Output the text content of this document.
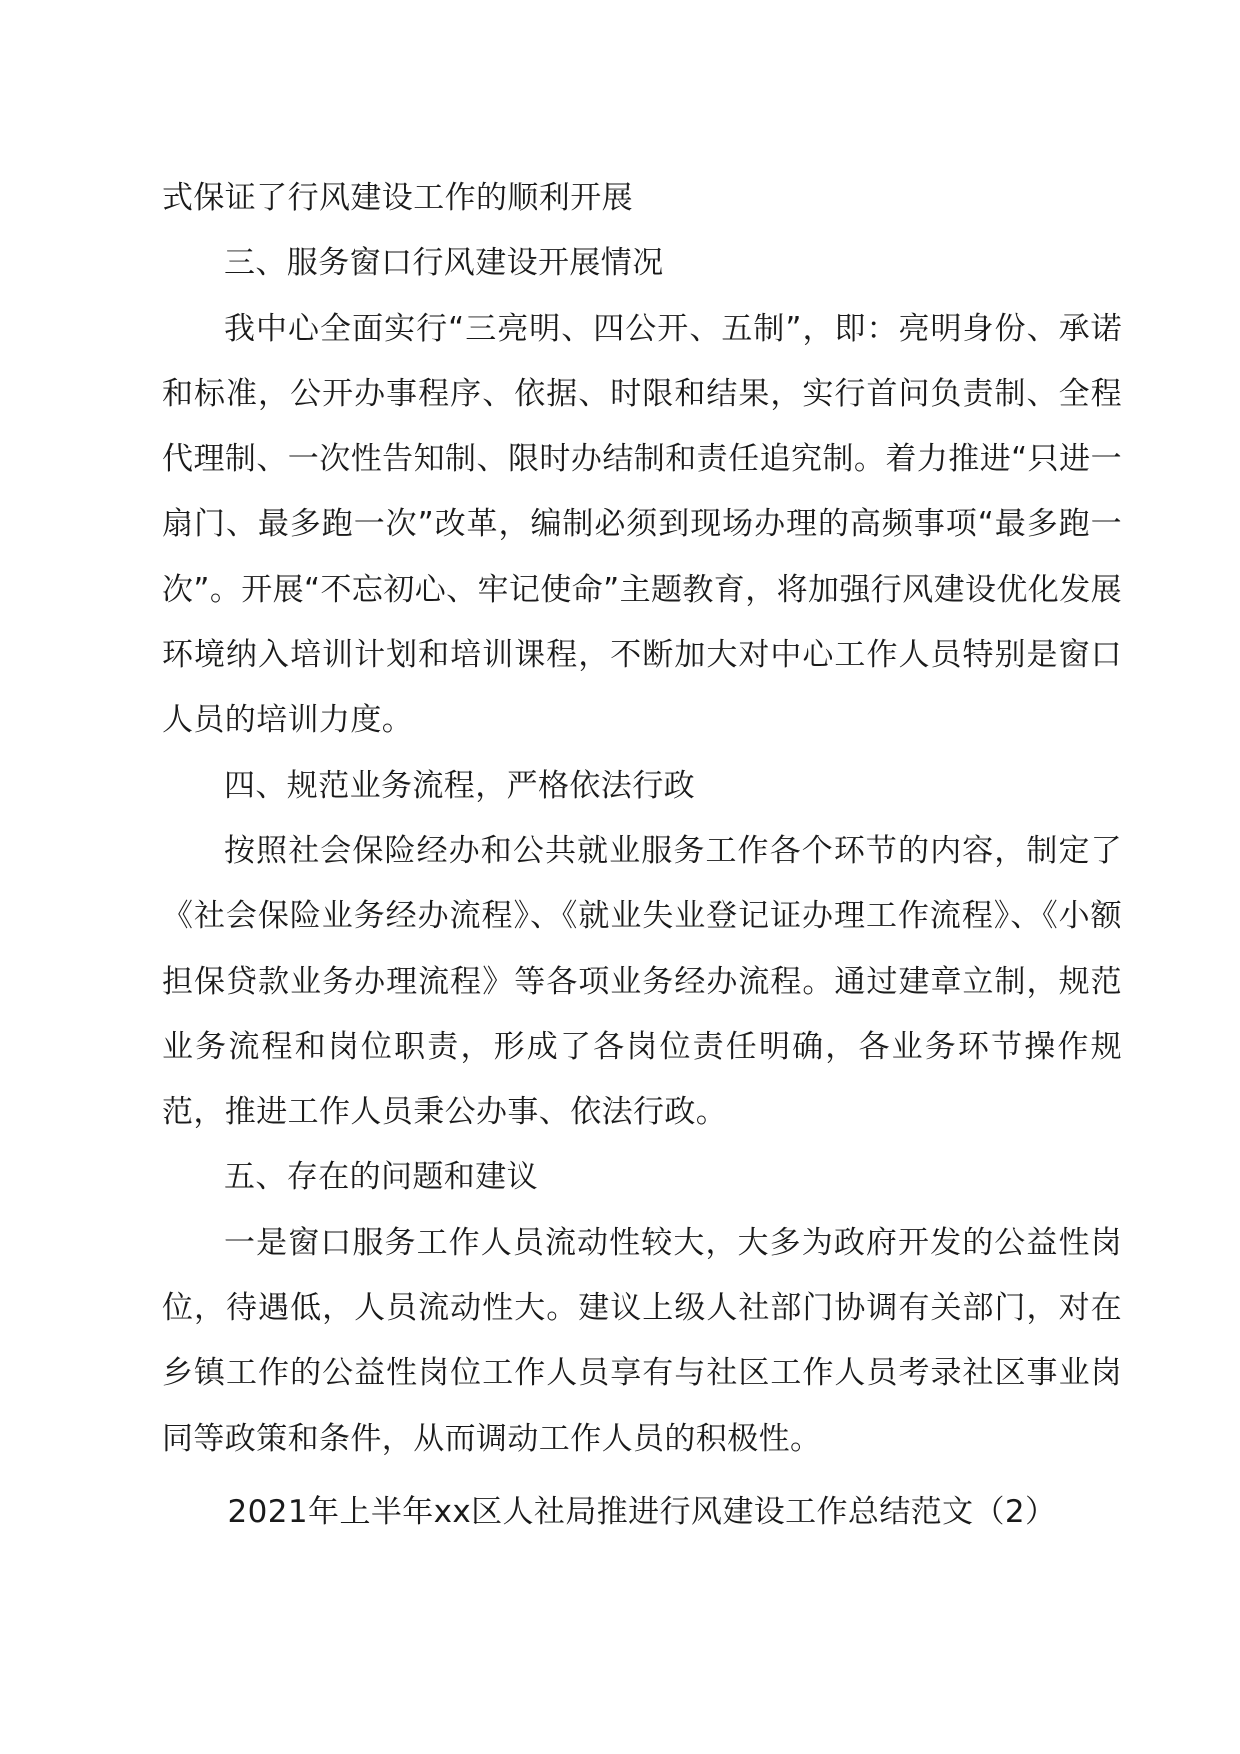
式保证了行风建设工作的顺利开展

三、服务窗口行风建设开展情况

我中心全面实行“三亮明、四公开、五制”，即：亮明身份、承诺和标准，公开办事程序、依据、时限和结果，实行首问负责制、全程代理制、一次性告知制、限时办结制和责任追究制。着力推进“只进一扇门、最多跑一次”改革，编制必须到现场办理的高频事项“最多跑一次”。开展“不忘初心、牢记使命”主题教育，将加强行风建设优化发展环境纳入培训计划和培训课程，不断加大对中心工作人员特别是窗口人员的培训力度。

四、规范业务流程，严格依法行政

按照社会保险经办和公共就业服务工作各个环节的内容，制定了《社会保险业务经办流程》、《就业失业登记证办理工作流程》、《小额担保贷款业务办理流程》等各项业务经办流程。通过建章立制，规范业务流程和岗位职责，形成了各岗位责任明确，各业务环节操作规范，推进工作人员秉公办事、依法行政。

五、存在的问题和建议

一是窗口服务工作人员流动性较大，大多为政府开发的公益性岗位，待遇低，人员流动性大。建议上级人社部门协调有关部门，对在乡镇工作的公益性岗位工作人员享有与社区工作人员考录社区事业岗同等政策和条件，从而调动工作人员的积极性。

2021年上半年xx区人社局推进行风建设工作总结范文（2）
